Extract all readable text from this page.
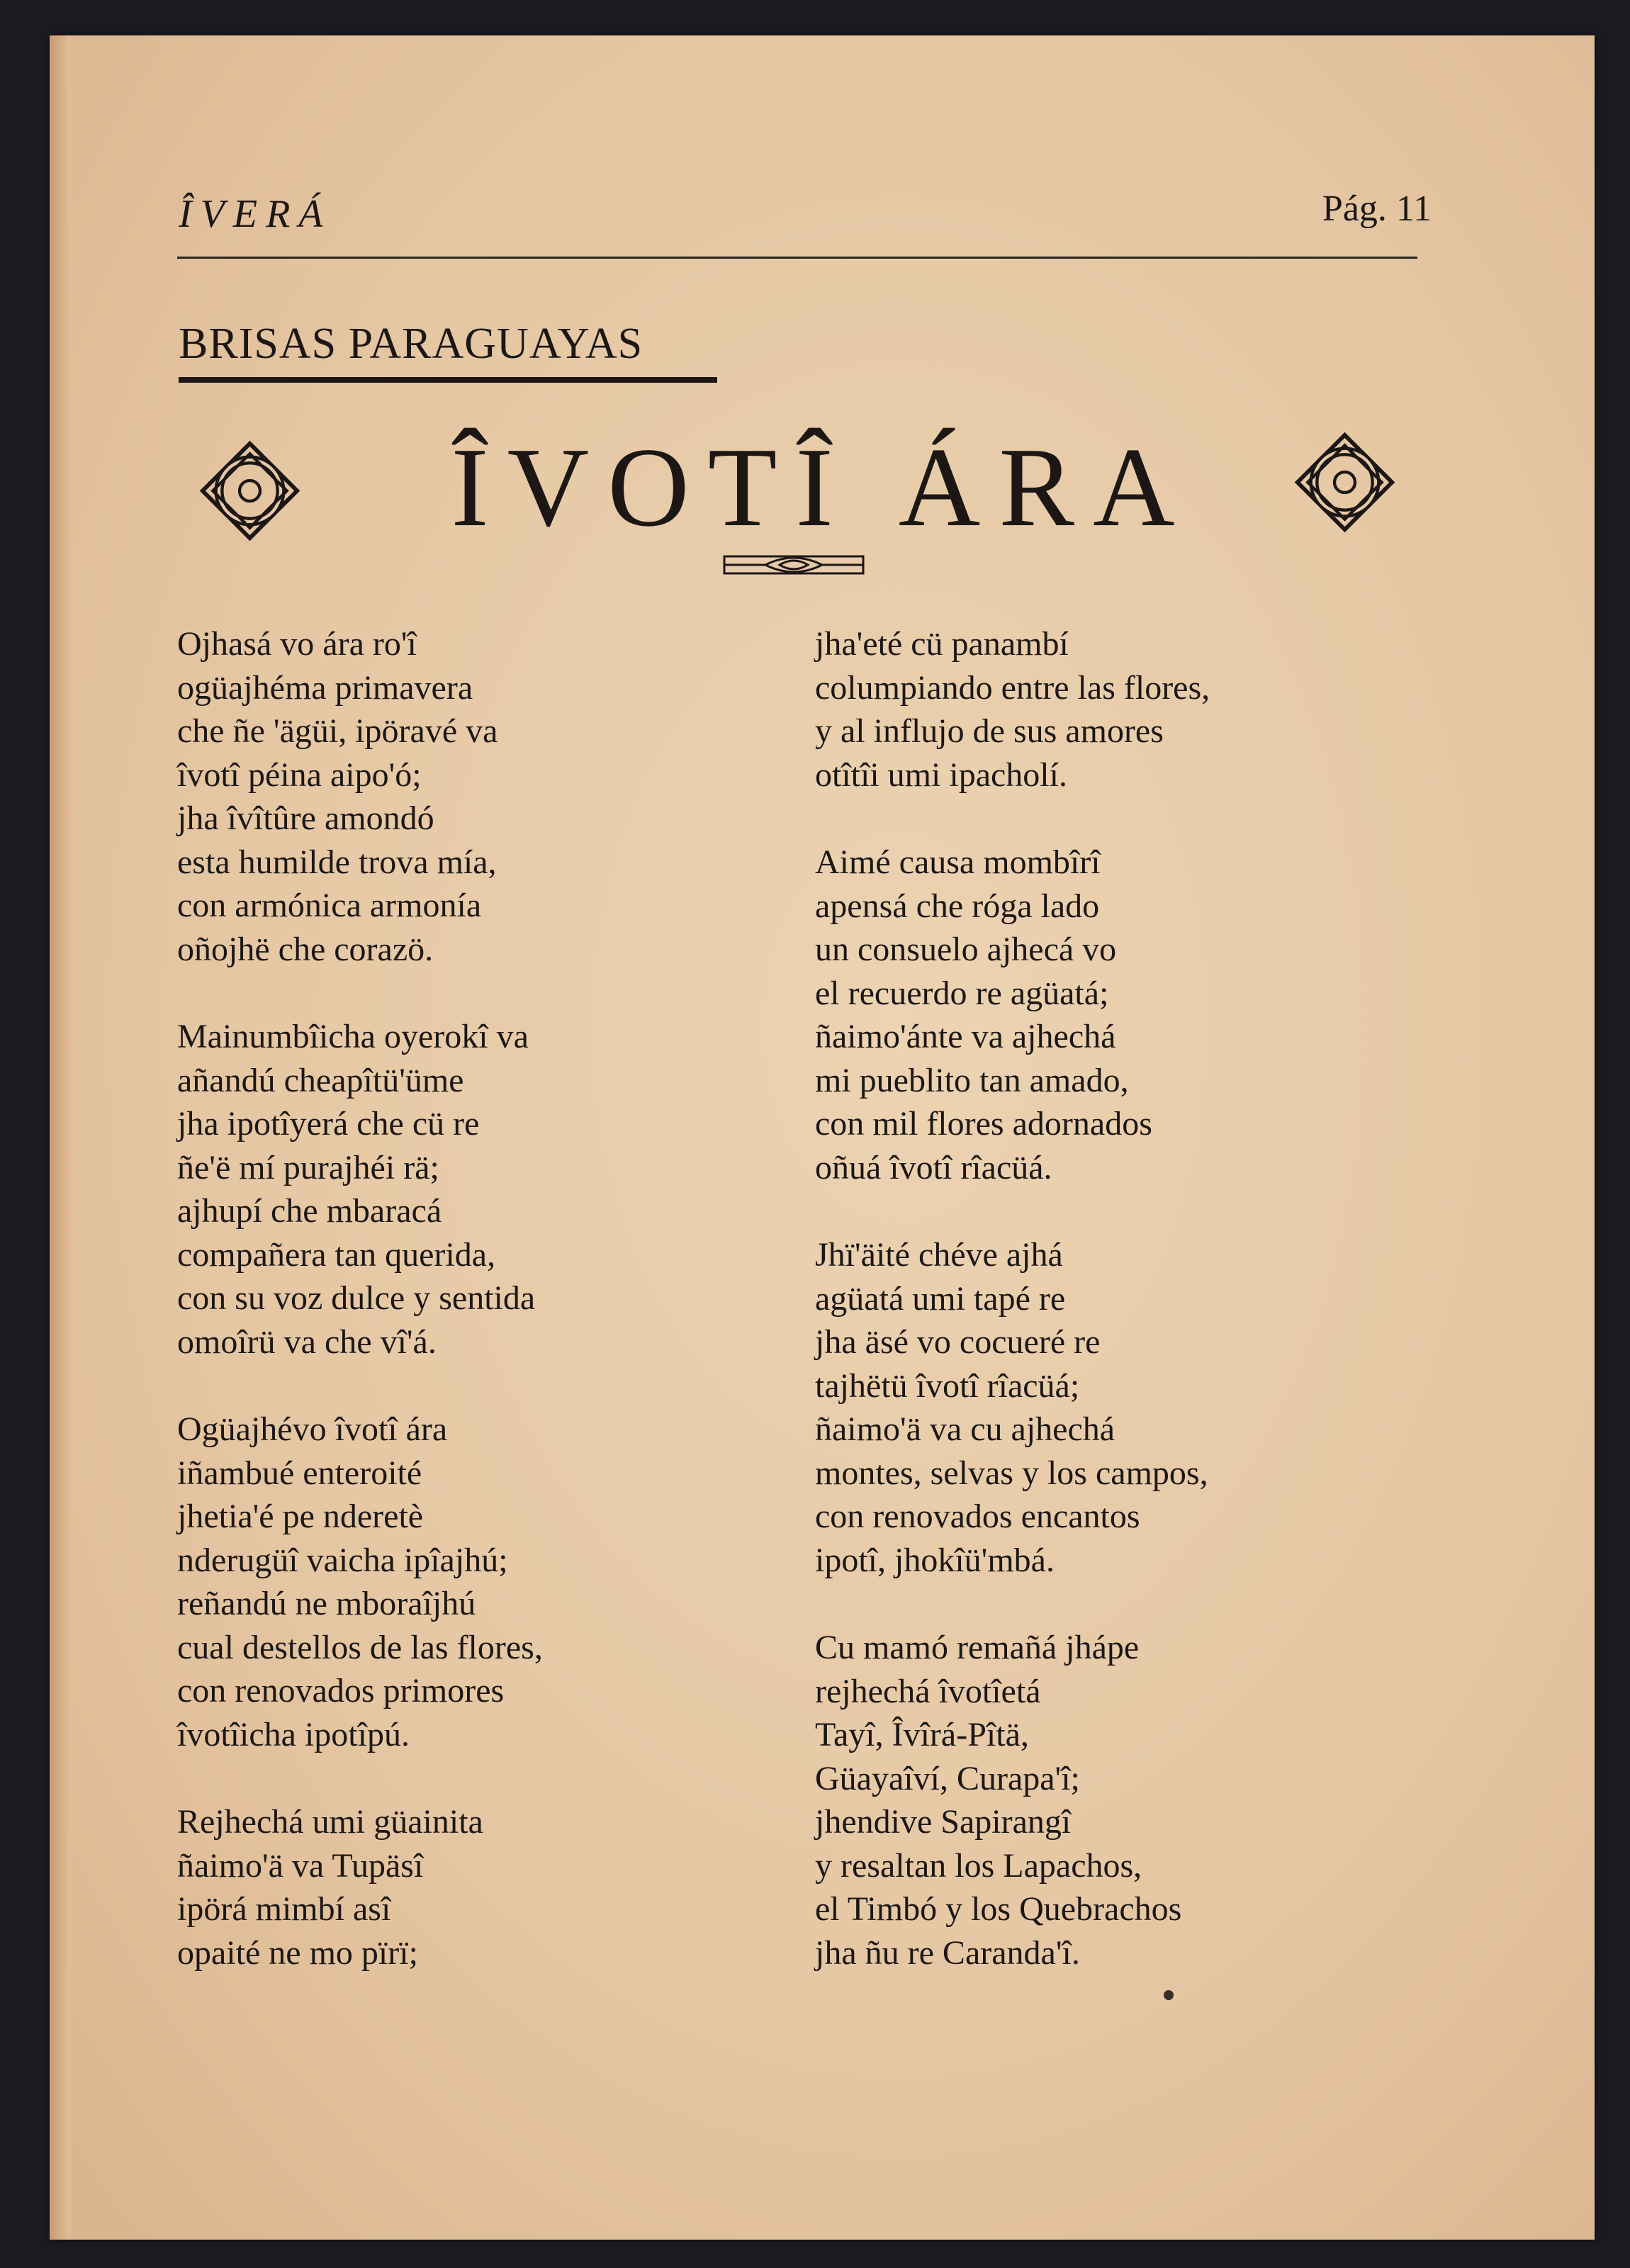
ÎVERÁ	Pág. 11
BRISAS PARAGUAYAS
ÎVOTÎ ÁRA
Ojhasá vo ára ro'î
ogüajhéma primavera
che ñe 'ägüi, ipöravé va
îvotî péina aipo'ó;
jha îvîtûre amondó
esta humilde trova mía,
con armónica armonía
oñojhë che corazö.
Mainumbîicha oyerokî va
añandú cheapîtü'üme
jha ipotîyerá che cü re
ñe'ë mí purajhéi rä;
ajhupí che mbaracá
compañera tan querida,
con su voz dulce y sentida
omoîrü va che vî'á.
Ogüajhévo îvotî ára
iñambué enteroité
jhetia'é pe nderetè
nderugüî vaicha ipîajhú;
reñandú ne mboraîjhú
cual destellos de las flores,
con renovados primores
îvotîicha ipotîpú.
Rejhechá umi güainita
ñaimo'ä va Tupäsî
ipörá mimbí asî
opaité ne mo pïrï;
jha'eté cü panambí
columpiando entre las flores,
y al influjo de sus amores
otîtîi umi ipacholí.
Aimé causa mombîrî
apensá che róga lado
un consuelo ajhecá vo
el recuerdo re agüatá;
ñaimo'ánte va ajhechá
mi pueblito tan amado,
con mil flores adornados
oñuá îvotî rîacüá.
Jhï'äité chéve ajhá
agüatá umi tapé re
jha äsé vo cocueré re
tajhëtü îvotî rîacüá;
ñaimo'ä va cu ajhechá
montes, selvas y los campos,
con renovados encantos
ipotî, jhokîü'mbá.
Cu mamó remañá jhápe
rejhechá îvotîetá
Tayî, Îvîrá-Pîtä,
Güayaîví, Curapa'î;
jhendive Sapirangî
y resaltan los Lapachos,
el Timbó y los Quebrachos
jha ñu re Caranda'î.
